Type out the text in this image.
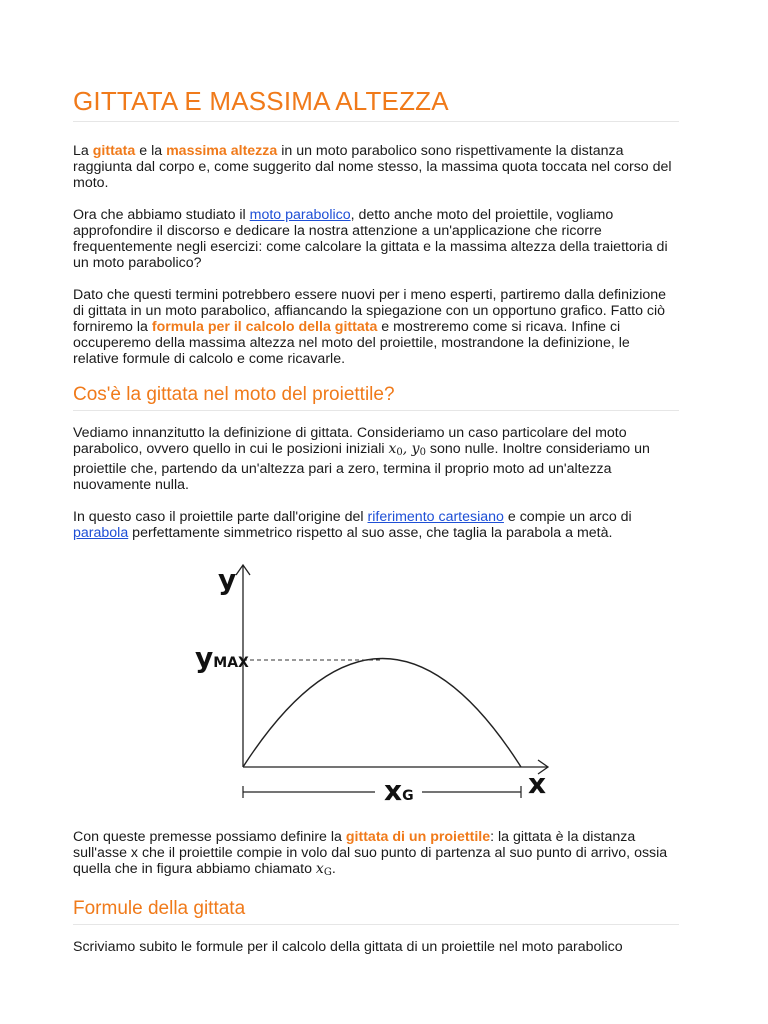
GITTATA E MASSIMA ALTEZZA

La gittata e la massima altezza in un moto parabolico sono rispettivamente la distanza raggiunta dal corpo e, come suggerito dal nome stesso, la massima quota toccata nel corso del moto.

Ora che abbiamo studiato il moto parabolico, detto anche moto del proiettile, vogliamo approfondire il discorso e dedicare la nostra attenzione a un'applicazione che ricorre frequentemente negli esercizi: come calcolare la gittata e la massima altezza della traiettoria di un moto parabolico?

Dato che questi termini potrebbero essere nuovi per i meno esperti, partiremo dalla definizione di gittata in un moto parabolico, affiancando la spiegazione con un opportuno grafico. Fatto ciò forniremo la formula per il calcolo della gittata e mostreremo come si ricava. Infine ci occuperemo della massima altezza nel moto del proiettile, mostrandone la definizione, le relative formule di calcolo e come ricavarle.

Cos'è la gittata nel moto del proiettile?

Vediamo innanzitutto la definizione di gittata. Consideriamo un caso particolare del moto parabolico, ovvero quello in cui le posizioni iniziali $x_0$, $y_0$ sono nulle. Inoltre consideriamo un proiettile che, partendo da un'altezza pari a zero, termina il proprio moto ad un'altezza nuovamente nulla.

In questo caso il proiettile parte dall'origine del riferimento cartesiano e compie un arco di parabola perfettamente simmetrico rispetto al suo asse, che taglia la parabola a metà.

y
yMAX
x
xG

Con queste premesse possiamo definire la gittata di un proiettile: la gittata è la distanza sull'asse x che il proiettile compie in volo dal suo punto di partenza al suo punto di arrivo, ossia quella che in figura abbiamo chiamato $x_G$.

Formule della gittata

Scriviamo subito le formule per il calcolo della gittata di un proiettile nel moto parabolico
